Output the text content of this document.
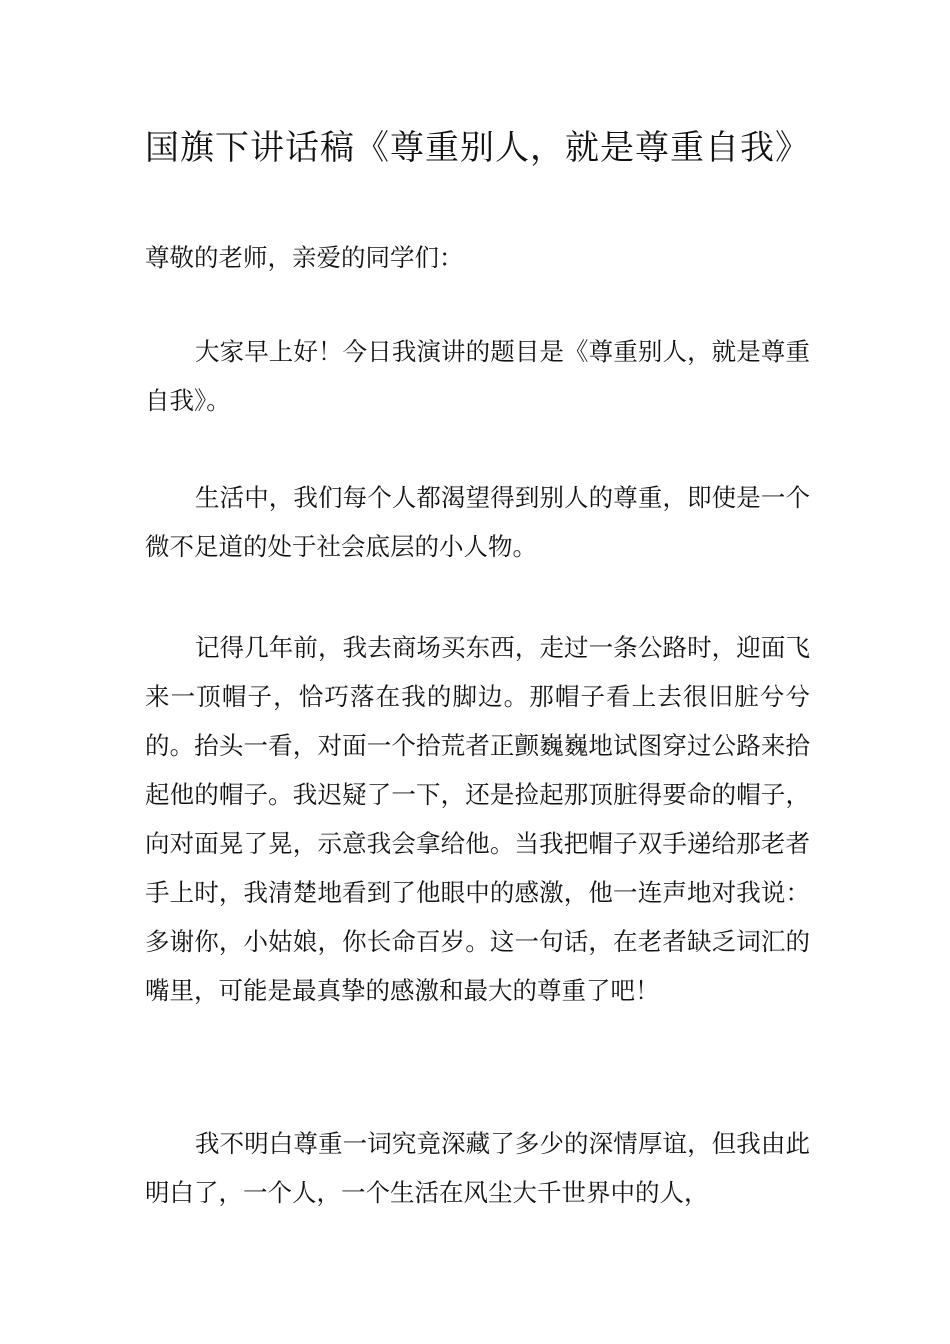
国旗下讲话稿《尊重别人，就是尊重自我》

尊敬的老师，亲爱的同学们：

大家早上好！今日我演讲的题目是《尊重别人，就是尊重自我》。

生活中，我们每个人都渴望得到别人的尊重，即使是一个微不足道的处于社会底层的小人物。

记得几年前，我去商场买东西，走过一条公路时，迎面飞来一顶帽子，恰巧落在我的脚边。那帽子看上去很旧脏兮兮的。抬头一看，对面一个拾荒者正颤巍巍地试图穿过公路来拾起他的帽子。我迟疑了一下，还是捡起那顶脏得要命的帽子，向对面晃了晃，示意我会拿给他。当我把帽子双手递给那老者手上时，我清楚地看到了他眼中的感激，他一连声地对我说：多谢你，小姑娘，你长命百岁。这一句话，在老者缺乏词汇的嘴里，可能是最真挚的感激和最大的尊重了吧！

我不明白尊重一词究竟深藏了多少的深情厚谊，但我由此明白了，一个人，一个生活在风尘大千世界中的人，
